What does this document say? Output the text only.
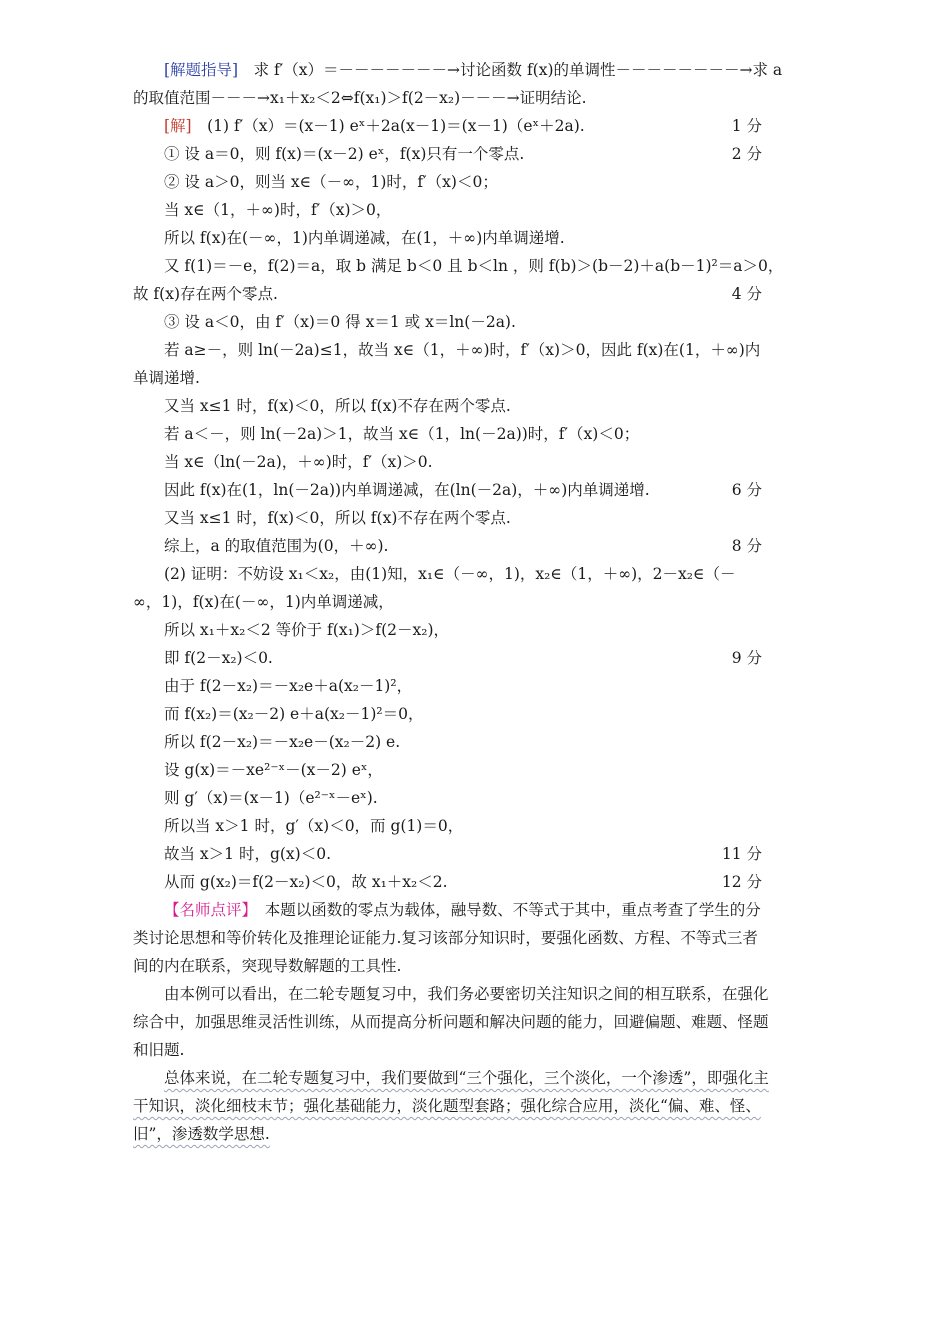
[解题指导]　求 f′（x）＝－－－－－－－→讨论函数 f(x)的单调性－－－－－－－－→求 a
的取值范围－－－→x₁＋x₂＜2⇔f(x₁)＞f(2－x₂)－－－→证明结论.
[解]　(1) f′（x）＝(x－1) eˣ＋2a(x－1)＝(x－1)（eˣ＋2a).	1 分
① 设 a＝0，则 f(x)＝(x－2) eˣ，f(x)只有一个零点.	2 分
② 设 a＞0，则当 x∈（－∞，1)时，f′（x)＜0；
当 x∈（1，＋∞)时，f′（x)＞0，
所以 f(x)在(－∞，1)内单调递减，在(1，＋∞)内单调递增.
又 f(1)＝－e，f(2)＝a，取 b 满足 b＜0 且 b＜ln ，则 f(b)＞(b－2)＋a(b－1)²＝a＞0，
故 f(x)存在两个零点.	4 分
③ 设 a＜0，由 f′（x)＝0 得 x＝1 或 x＝ln(－2a).
若 a≥－，则 ln(－2a)≤1，故当 x∈（1，＋∞)时，f′（x)＞0，因此 f(x)在(1，＋∞)内
单调递增.
又当 x≤1 时，f(x)＜0，所以 f(x)不存在两个零点.
若 a＜－，则 ln(－2a)＞1，故当 x∈（1，ln(－2a))时，f′（x)＜0；
当 x∈（ln(－2a)，＋∞)时，f′（x)＞0.
因此 f(x)在(1，ln(－2a))内单调递减，在(ln(－2a)，＋∞)内单调递增.	6 分
又当 x≤1 时，f(x)＜0，所以 f(x)不存在两个零点.
综上，a 的取值范围为(0，＋∞).	8 分
(2) 证明：不妨设 x₁＜x₂，由(1)知，x₁∈（－∞，1)，x₂∈（1，＋∞)，2－x₂∈（－
∞，1)，f(x)在(－∞，1)内单调递减，
所以 x₁＋x₂＜2 等价于 f(x₁)＞f(2－x₂)，
即 f(2－x₂)＜0.	9 分
由于 f(2－x₂)＝－x₂e＋a(x₂－1)²，
而 f(x₂)＝(x₂－2) e＋a(x₂－1)²＝0，
所以 f(2－x₂)＝－x₂e－(x₂－2) e.
设 g(x)＝－xe²⁻ˣ－(x－2) eˣ，
则 g′（x)＝(x－1)（e²⁻ˣ－eˣ).
所以当 x＞1 时，g′（x)＜0，而 g(1)＝0，
故当 x＞1 时，g(x)＜0.	11 分
从而 g(x₂)＝f(2－x₂)＜0，故 x₁＋x₂＜2.	12 分
【名师点评】　本题以函数的零点为载体，融导数、不等式于其中，重点考查了学生的分
类讨论思想和等价转化及推理论证能力.复习该部分知识时，要强化函数、方程、不等式三者
间的内在联系，突现导数解题的工具性.
由本例可以看出，在二轮专题复习中，我们务必要密切关注知识之间的相互联系，在强化
综合中，加强思维灵活性训练，从而提高分析问题和解决问题的能力，回避偏题、难题、怪题
和旧题.
总体来说，在二轮专题复习中，我们要做到“三个强化，三个淡化，一个渗透”，即强化主
干知识，淡化细枝末节；强化基础能力，淡化题型套路；强化综合应用，淡化“偏、难、怪、
旧”，渗透数学思想.
